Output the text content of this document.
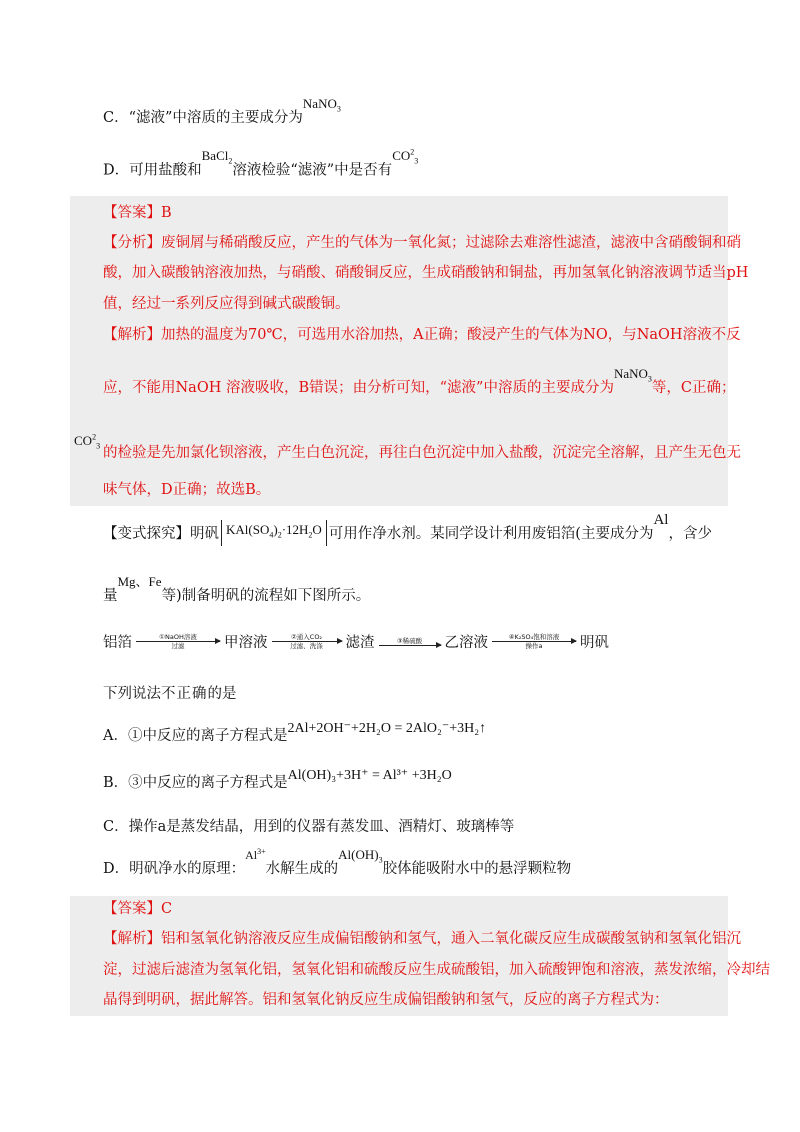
C．“滤液”中溶质的主要成分为NaNO$_3$
D．可用盐酸和BaCl$_2$溶液检验“滤液”中是否有$CO^2_3$
【答案】B
【分析】废铜屑与稀硝酸反应，产生的气体为一氧化氮；过滤除去难溶性滤渣，滤液中含硝酸铜和硝
酸，加入碳酸钠溶液加热，与硝酸、硝酸铜反应，生成硝酸钠和铜盐，再加氢氧化钠溶液调节适当pH
值，经过一系列反应得到碱式碳酸铜。
【解析】加热的温度为70℃，可选用水浴加热，A正确；酸浸产生的气体为NO，与NaOH溶液不反
应，不能用NaOH 溶液吸收，B错误；由分析可知，“滤液”中溶质的主要成分为NaNO$_3$等，C正确；
$CO^2_3$ 的检验是先加氯化钡溶液，产生白色沉淀，再往白色沉淀中加入盐酸，沉淀完全溶解，且产生无色无
味气体，D正确；故选B。
【变式探究】明矾 $KAl(SO_4)_2\cdot 12H_2O$ 可用作净水剂。某同学设计利用废铝箔(主要成分为Al，含少
量Mg、Fe等)制备明矾的流程如下图所示。
铝箔	①NaOH溶液
过滤	甲溶液	②通入CO₂
过滤、洗涤 滤渣	③稀硫酸 乙溶液	④K₂SO₄饱和溶液
操作a	明矾
下列说法不正确的是
A．①中反应的离子方程式是2Al+2OH⁻+2H₂O = 2AlO₂⁻+3H₂↑
B．③中反应的离子方程式是Al(OH)₃+3H⁺ = Al³⁺ +3H₂O
C．操作a是蒸发结晶，用到的仪器有蒸发皿、酒精灯、玻璃棒等
D．明矾净水的原理：$^{Al^{3+}}$水解生成的$Al(OH)_3$胶体能吸附水中的悬浮颗粒物
【答案】C
【解析】铝和氢氧化钠溶液反应生成偏铝酸钠和氢气，通入二氧化碳反应生成碳酸氢钠和氢氧化铝沉
淀，过滤后滤渣为氢氧化铝，氢氧化铝和硫酸反应生成硫酸铝，加入硫酸钾饱和溶液，蒸发浓缩，冷却结
晶得到明矾，据此解答。铝和氢氧化钠反应生成偏铝酸钠和氢气，反应的离子方程式为：
